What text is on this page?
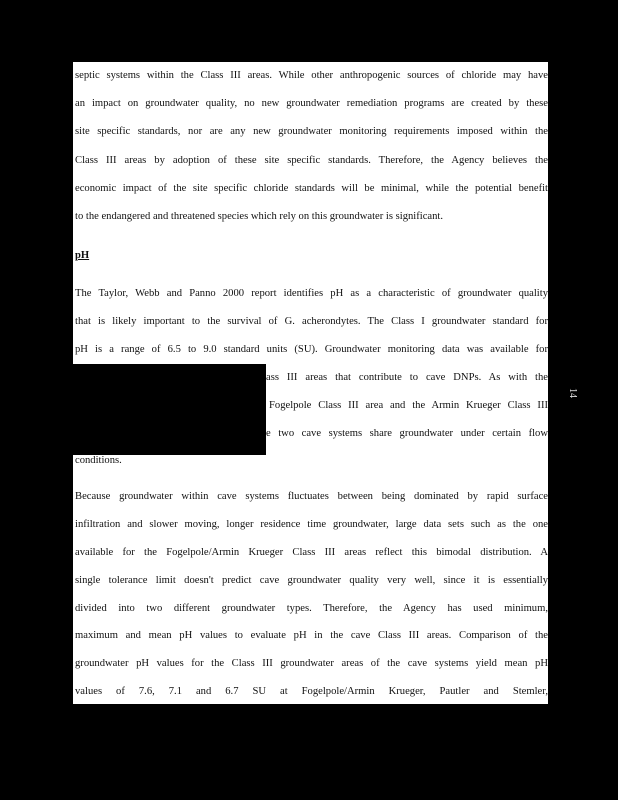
septic systems within the Class III areas. While other anthropogenic sources of chloride may have
an impact on groundwater quality, no new groundwater remediation programs are created by these
site specific standards, nor are any new groundwater monitoring requirements imposed within the
Class III areas by adoption of these site specific standards. Therefore, the Agency believes the
economic impact of the site specific chloride standards will be minimal, while the potential benefit
to the endangered and threatened species which rely on this groundwater is significant.
pH
The Taylor, Webb and Panno 2000 report identifies pH as a characteristic of groundwater quality
that is likely important to the survival of G. acherondytes. The Class I groundwater standard for
pH is a range of 6.5 to 9.0 standard units (SU). Groundwater monitoring data was available for
ass III areas that contribute to cave DNPs. As with the
Fogelpole Class III area and the Armin Krueger Class III
e two cave systems share groundwater under certain flow
conditions.
Because groundwater within cave systems fluctuates between being dominated by rapid surface
infiltration and slower moving, longer residence time groundwater, large data sets such as the one
available for the Fogelpole/Armin Krueger Class III areas reflect this bimodal distribution. A
single tolerance limit doesn't predict cave groundwater quality very well, since it is essentially
divided into two different groundwater types. Therefore, the Agency has used minimum,
maximum and mean pH values to evaluate pH in the cave Class III areas. Comparison of the
groundwater pH values for the Class III groundwater areas of the cave systems yield mean pH
values of 7.6, 7.1 and 6.7 SU at Fogelpole/Armin Krueger, Pautler and Stemler,
14
